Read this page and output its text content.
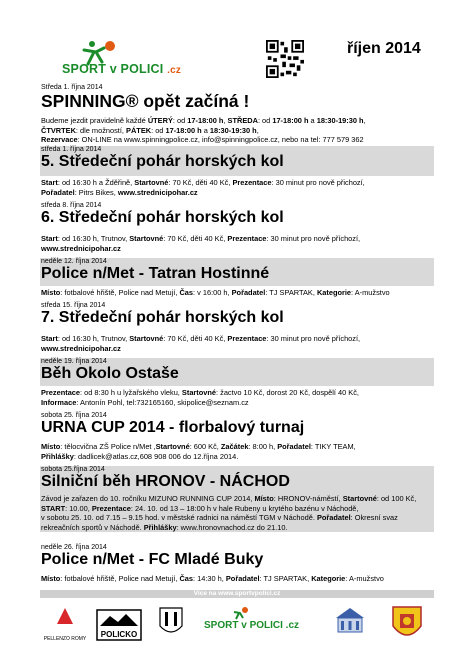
SPORT v POLICI .cz
říjen 2014
Středa 1. října 2014
SPINNING® opět začíná !
Budeme jezdit pravidelně každé ÚTERÝ: od 17-18:00 h, STŘEDA: od 17-18:00 h a 18:30-19:30 h,
ČTVRTEK: dle možností, PÁTEK: od 17-18:00 h a 18:30-19:30 h,
Rezervace: ON-LINE na www.spinningpolice.cz, info@spinningpolice.cz, nebo na tel: 777 579 362
středa 1. října 2014
5. Středeční pohár horských kol
Start: od 16:30 h a Žděřině, Startovné: 70 Kč, děti 40 Kč, Prezentace: 30 minut pro nově přichozí,
Pořadatel: Pitrs Bikes, www.strednicipohar.cz
středa 8. října 2014
6. Středeční pohár horských kol
Start: od 16:30 h, Trutnov, Startovné: 70 Kč, děti 40 Kč, Prezentace: 30 minut pro nově příchozí,
www.strednicipohar.cz
neděle 12. října 2014
Police n/Met - Tatran Hostinné
Místo: fotbalové hřiště, Police nad Metují, Čas: v 16:00 h, Pořadatel: TJ SPARTAK, Kategorie: A-mužstvo
středa 15. října 2014
7. Středeční pohár horských kol
Start: od 16:30 h, Trutnov, Startovné: 70 Kč, děti 40 Kč, Prezentace: 30 minut pro nově příchozí,
www.strednicipohar.cz
neděle 19. října 2014
Běh Okolo Ostaše
Prezentace: od 8:30 h u lyžařského vleku, Startovné: žactvo 10 Kč, dorost 20 Kč, dospělí 40 Kč,
Informace: Antonín Pohl, tel:732165160, skipolice@seznam.cz
sobota 25. října 2014
URNA CUP 2014 - florbalový turnaj
Místo: tělocvična ZŠ Police n/Met ,Startovné: 600 Kč, Začátek: 8:00 h, Pořadatel: TIKY TEAM,
Přihlášky: dadlicek@atlas.cz,608 908 006 do 12.října 2014.
sobota 25.října 2014
Silniční běh HRONOV - NÁCHOD
Závod je zařazen do 10. ročníku MIZUNO RUNNING CUP 2014, Místo: HRONOV-náměstí, Startovné: od 100 Kč,
START: 10.00, Prezentace: 24. 10. od 13 – 18:00 h v hale Rubeny u krytého bazénu v Náchodě,
v sobotu 25. 10. od 7.15 – 9.15 hod. v městské radnici na náměstí TGM v Náchodě. Pořadatel: Okresní svaz
rekreačních sportů v Náchodě. Přihlášky: www.hronovnachod.cz do 21.10.
neděle 26. října 2014
Police n/Met - FC Mladé Buky
Místo: fotbalové hřiště, Police nad Metují, Čas: 14:30 h, Pořadatel: TJ SPARTAK, Kategorie: A-mužstvo
Více na www.sportvpolici.cz
PELLENZO ROMY	POLICKO
SPORT v POLICI .cz
